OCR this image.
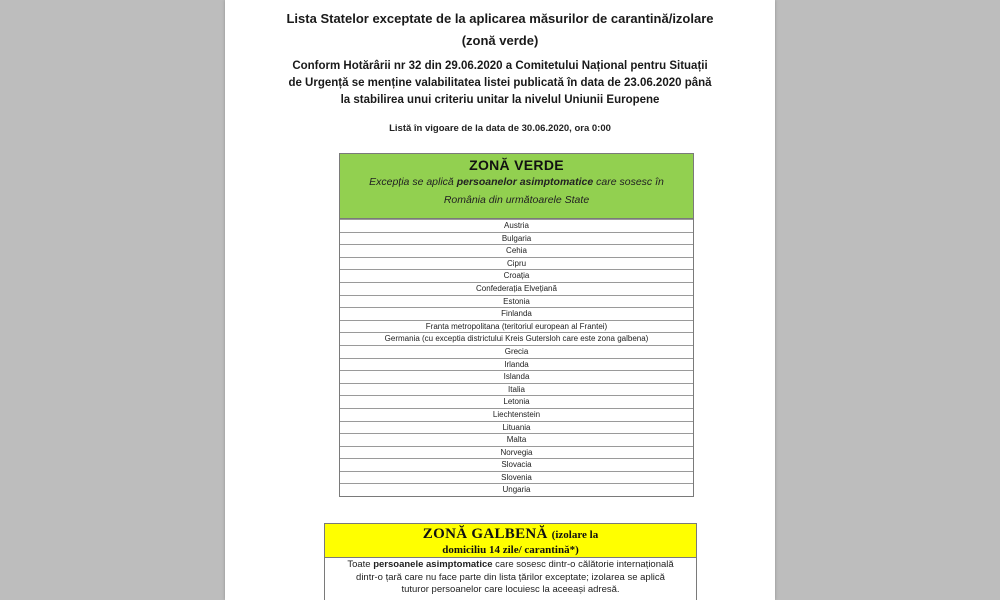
Lista Statelor exceptate de la aplicarea măsurilor de carantină/izolare
(zonă verde)
Conform Hotărârii nr 32 din 29.06.2020 a Comitetului Național pentru Situații
de Urgență se menține valabilitatea listei publicată în data de 23.06.2020 până
la stabilirea unui criteriu unitar la nivelul Uniunii Europene
Listă în vigoare de la data de 30.06.2020, ora 0:00
ZONĂ VERDE
Excepția se aplică persoanelor asimptomatice care sosesc în
România din următoarele State
Austria
Bulgaria
Cehia
Cipru
Croația
Confederația Elvețiană
Estonia
Finlanda
Franta metropolitana (teritoriul european al Frantei)
Germania (cu exceptia districtului Kreis Gutersloh care este zona galbena)
Grecia
Irlanda
Islanda
Italia
Letonia
Liechtenstein
Lituania
Malta
Norvegia
Slovacia
Slovenia
Ungaria
ZONĂ GALBENĂ (izolare la
domiciliu 14 zile/ carantină*)
Toate persoanele asimptomatice care sosesc dintr-o călătorie internațională
dintr-o țară care nu face parte din lista țărilor exceptate; izolarea se aplică
tuturor persoanelor care locuiesc la aceeași adresă.
